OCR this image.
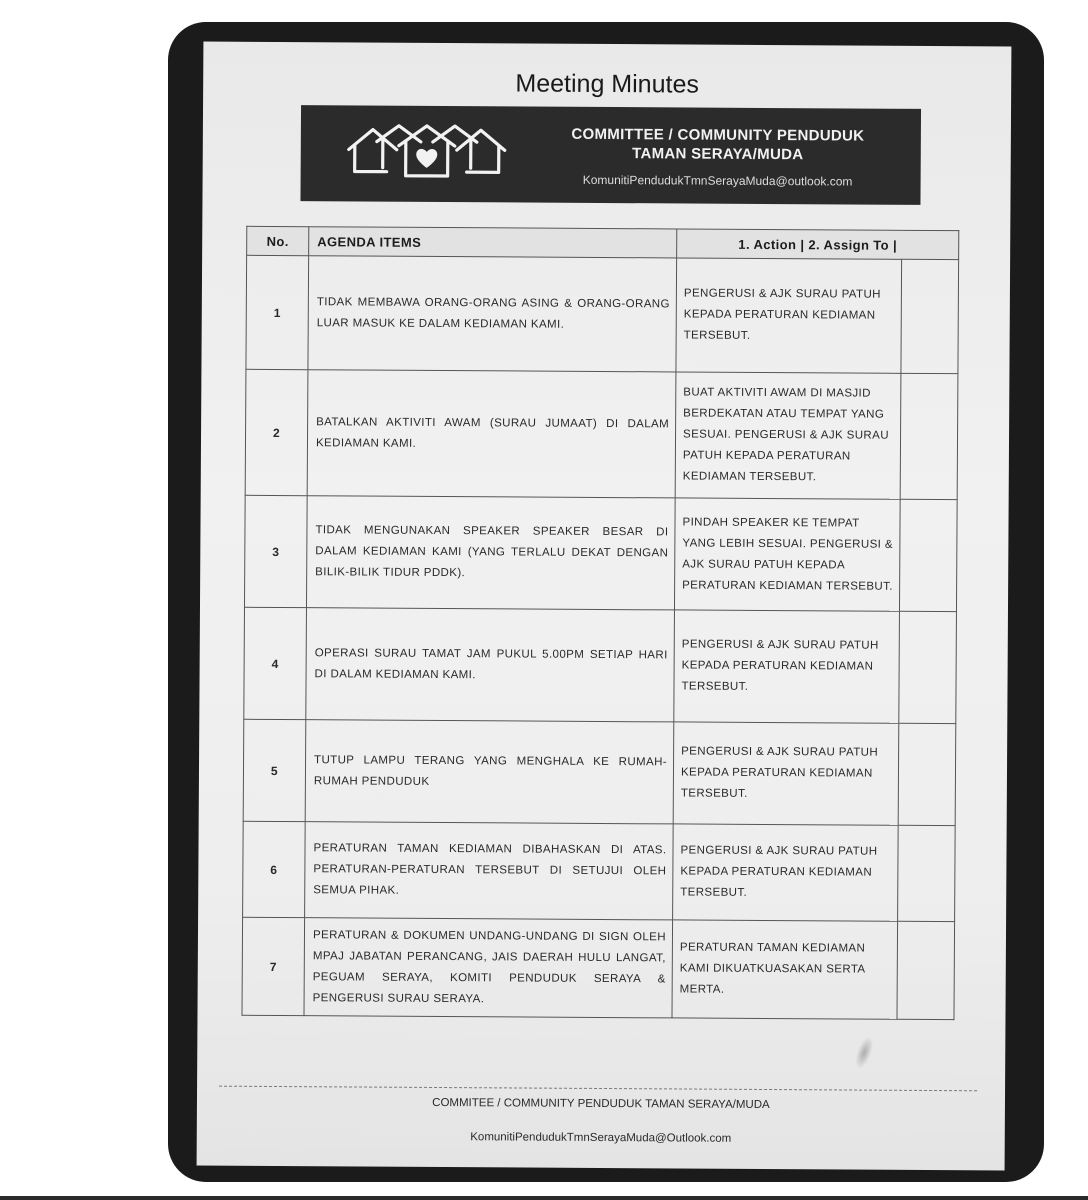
Meeting Minutes
COMMITTEE / COMMUNITY PENDUDUK
TAMAN SERAYA/MUDA
KomunitiPendudukTmnSerayaMuda@outlook.com
No.	AGENDA ITEMS	1. Action | 2. Assign To |	
1	TIDAK MEMBAWA ORANG-ORANG ASING & ORANG-ORANG LUAR MASUK KE DALAM KEDIAMAN KAMI.	PENGERUSI & AJK SURAU PATUH KEPADA PERATURAN KEDIAMAN TERSEBUT.	
2	BATALKAN AKTIVITI AWAM (SURAU JUMAAT) DI DALAM KEDIAMAN KAMI.	BUAT AKTIVITI AWAM DI MASJID BERDEKATAN ATAU TEMPAT YANG SESUAI. PENGERUSI & AJK SURAU PATUH KEPADA PERATURAN KEDIAMAN TERSEBUT.	
3	TIDAK MENGUNAKAN SPEAKER SPEAKER BESAR DI DALAM KEDIAMAN KAMI (YANG TERLALU DEKAT DENGAN BILIK-BILIK TIDUR PDDK).	PINDAH SPEAKER KE TEMPAT YANG LEBIH SESUAI. PENGERUSI & AJK SURAU PATUH KEPADA PERATURAN KEDIAMAN TERSEBUT.	
4	OPERASI SURAU TAMAT JAM PUKUL 5.00PM SETIAP HARI DI DALAM KEDIAMAN KAMI.	PENGERUSI & AJK SURAU PATUH KEPADA PERATURAN KEDIAMAN TERSEBUT.	
5	TUTUP LAMPU TERANG YANG MENGHALA KE RUMAH-RUMAH PENDUDUK	PENGERUSI & AJK SURAU PATUH KEPADA PERATURAN KEDIAMAN TERSEBUT.	
6	PERATURAN TAMAN KEDIAMAN DIBAHASKAN DI ATAS. PERATURAN-PERATURAN TERSEBUT DI SETUJUI OLEH SEMUA PIHAK.	PENGERUSI & AJK SURAU PATUH KEPADA PERATURAN KEDIAMAN TERSEBUT.	
7	PERATURAN & DOKUMEN UNDANG-UNDANG DI SIGN OLEH MPAJ JABATAN PERANCANG, JAIS DAERAH HULU LANGAT, PEGUAM SERAYA, KOMITI PENDUDUK SERAYA & PENGERUSI SURAU SERAYA.	PERATURAN TAMAN KEDIAMAN KAMI DIKUATKUASAKAN SERTA MERTA.	
COMMITEE / COMMUNITY PENDUDUK TAMAN SERAYA/MUDA
KomunitiPendudukTmnSerayaMuda@Outlook.com
